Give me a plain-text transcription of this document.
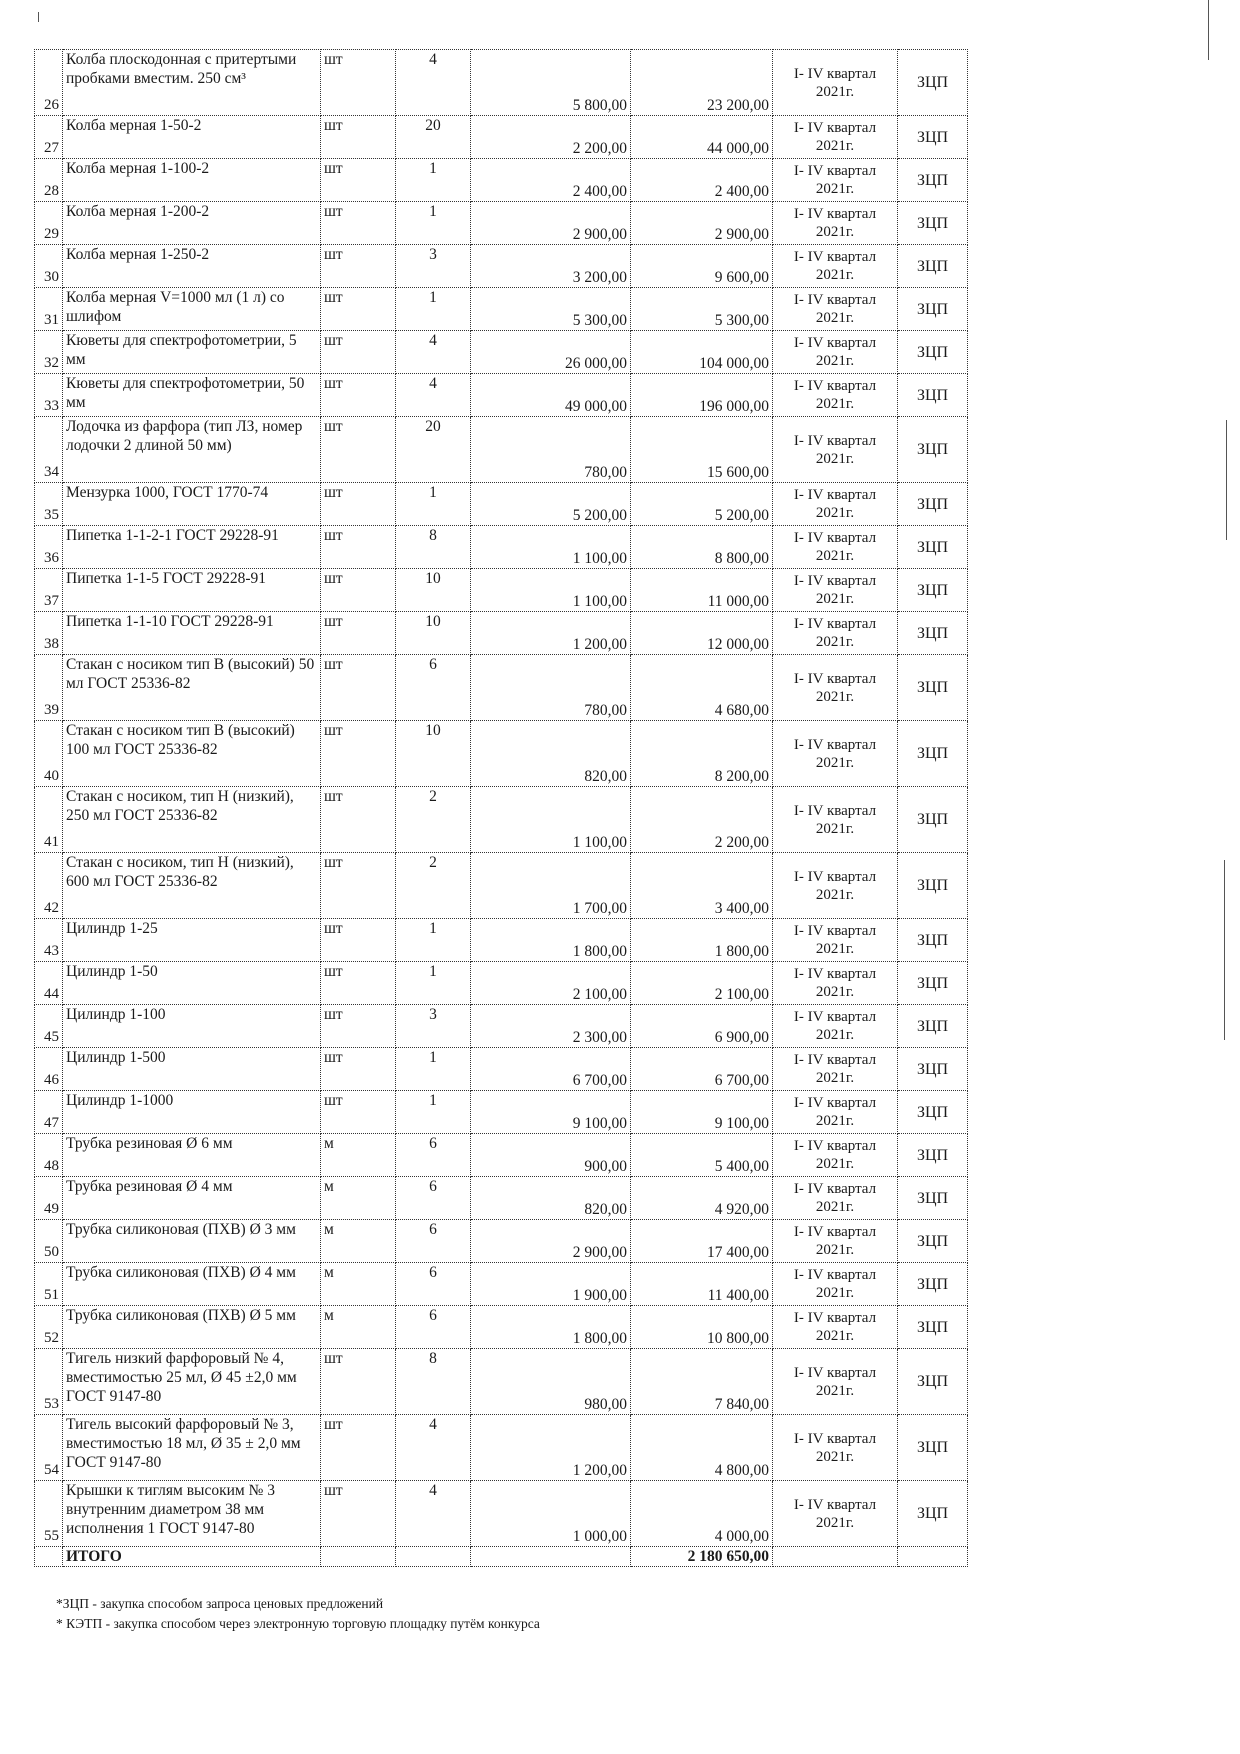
26	Колба плоскодонная с притертыми пробками вместим. 250 см³	шт	4	5 800,00	23 200,00	I- IV квартал 2021г.	ЗЦП
27	Колба мерная 1-50-2	шт	20	2 200,00	44 000,00	I- IV квартал 2021г.	ЗЦП
28	Колба мерная 1-100-2	шт	1	2 400,00	2 400,00	I- IV квартал 2021г.	ЗЦП
29	Колба мерная 1-200-2	шт	1	2 900,00	2 900,00	I- IV квартал 2021г.	ЗЦП
30	Колба мерная 1-250-2	шт	3	3 200,00	9 600,00	I- IV квартал 2021г.	ЗЦП
31	Колба мерная V=1000 мл (1 л) со шлифом	шт	1	5 300,00	5 300,00	I- IV квартал 2021г.	ЗЦП
32	Кюветы для спектрофотометрии, 5 мм	шт	4	26 000,00	104 000,00	I- IV квартал 2021г.	ЗЦП
33	Кюветы для спектрофотометрии, 50 мм	шт	4	49 000,00	196 000,00	I- IV квартал 2021г.	ЗЦП
34	Лодочка из фарфора (тип ЛЗ, номер лодочки 2 длиной 50 мм)	шт	20	780,00	15 600,00	I- IV квартал 2021г.	ЗЦП
35	Мензурка 1000, ГОСТ 1770-74	шт	1	5 200,00	5 200,00	I- IV квартал 2021г.	ЗЦП
36	Пипетка 1-1-2-1 ГОСТ 29228-91	шт	8	1 100,00	8 800,00	I- IV квартал 2021г.	ЗЦП
37	Пипетка 1-1-5 ГОСТ 29228-91	шт	10	1 100,00	11 000,00	I- IV квартал 2021г.	ЗЦП
38	Пипетка 1-1-10 ГОСТ 29228-91	шт	10	1 200,00	12 000,00	I- IV квартал 2021г.	ЗЦП
39	Стакан с носиком тип В (высокий) 50 мл ГОСТ 25336-82	шт	6	780,00	4 680,00	I- IV квартал 2021г.	ЗЦП
40	Стакан с носиком тип В (высокий) 100 мл ГОСТ 25336-82	шт	10	820,00	8 200,00	I- IV квартал 2021г.	ЗЦП
41	Стакан с носиком, тип Н (низкий), 250 мл ГОСТ 25336-82	шт	2	1 100,00	2 200,00	I- IV квартал 2021г.	ЗЦП
42	Стакан с носиком, тип Н (низкий), 600 мл ГОСТ 25336-82	шт	2	1 700,00	3 400,00	I- IV квартал 2021г.	ЗЦП
43	Цилиндр 1-25	шт	1	1 800,00	1 800,00	I- IV квартал 2021г.	ЗЦП
44	Цилиндр 1-50	шт	1	2 100,00	2 100,00	I- IV квартал 2021г.	ЗЦП
45	Цилиндр 1-100	шт	3	2 300,00	6 900,00	I- IV квартал 2021г.	ЗЦП
46	Цилиндр 1-500	шт	1	6 700,00	6 700,00	I- IV квартал 2021г.	ЗЦП
47	Цилиндр 1-1000	шт	1	9 100,00	9 100,00	I- IV квартал 2021г.	ЗЦП
48	Трубка резиновая Ø 6 мм	м	6	900,00	5 400,00	I- IV квартал 2021г.	ЗЦП
49	Трубка резиновая Ø 4 мм	м	6	820,00	4 920,00	I- IV квартал 2021г.	ЗЦП
50	Трубка силиконовая (ПХВ) Ø 3 мм	м	6	2 900,00	17 400,00	I- IV квартал 2021г.	ЗЦП
51	Трубка силиконовая (ПХВ) Ø 4 мм	м	6	1 900,00	11 400,00	I- IV квартал 2021г.	ЗЦП
52	Трубка силиконовая (ПХВ) Ø 5 мм	м	6	1 800,00	10 800,00	I- IV квартал 2021г.	ЗЦП
53	Тигель низкий фарфоровый № 4, вместимостью 25 мл, Ø 45 ±2,0 мм ГОСТ 9147-80	шт	8	980,00	7 840,00	I- IV квартал 2021г.	ЗЦП
54	Тигель высокий фарфоровый № 3, вместимостью 18 мл, Ø 35 ± 2,0 мм ГОСТ 9147-80	шт	4	1 200,00	4 800,00	I- IV квартал 2021г.	ЗЦП
55	Крышки к тиглям высоким № 3 внутренним диаметром 38 мм исполнения 1 ГОСТ 9147-80	шт	4	1 000,00	4 000,00	I- IV квартал 2021г.	ЗЦП
	ИТОГО				2 180 650,00		
*ЗЦП - закупка способом запроса ценовых предложений
* КЭТП - закупка способом через электронную торговую площадку путём конкурса
